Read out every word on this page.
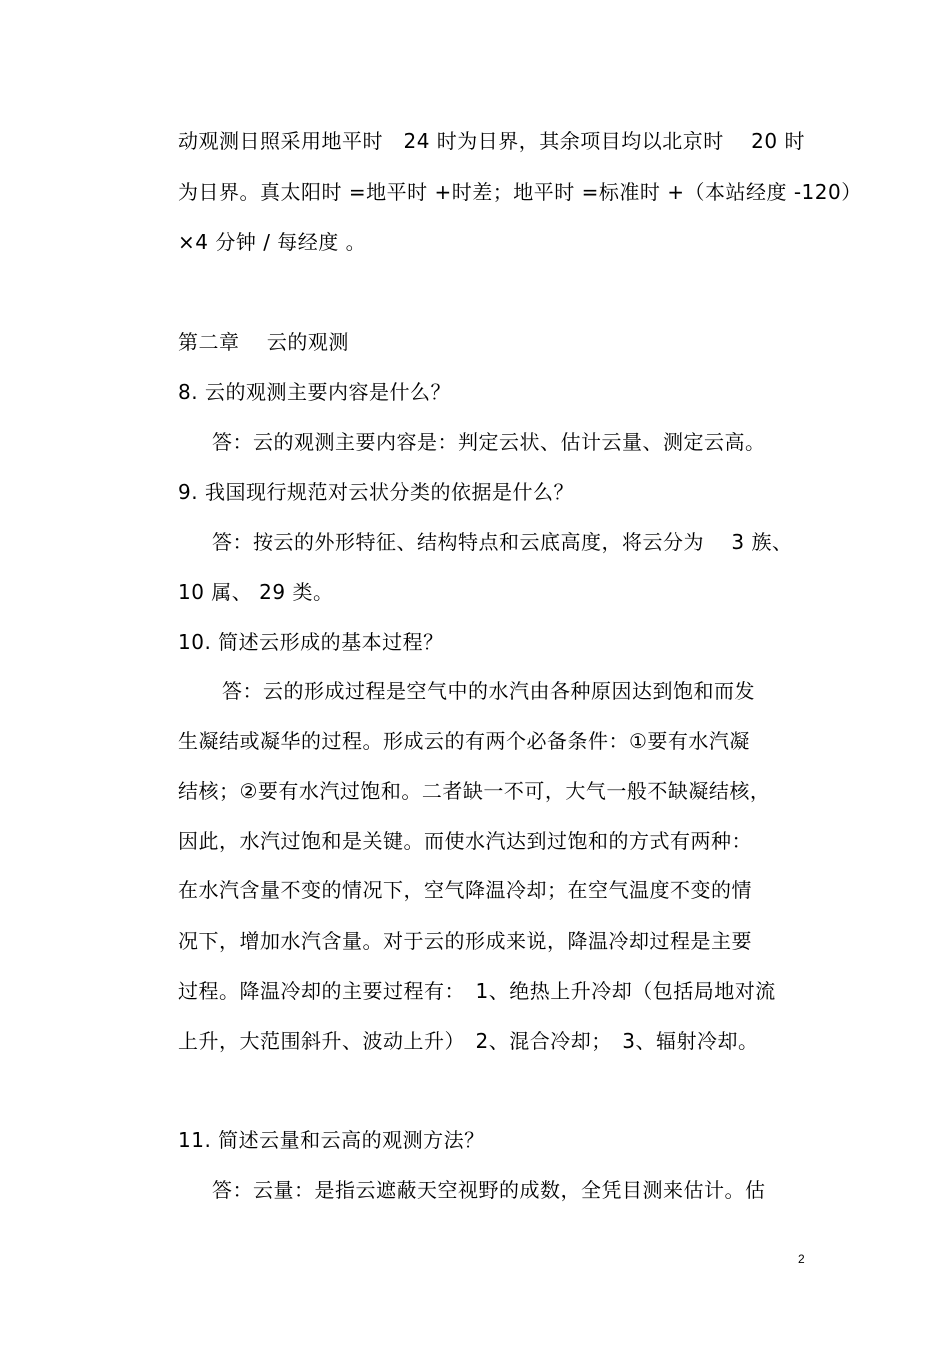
动观测日照采用地平时　24 时为日界，其余项目均以北京时　 20 时
为日界。真太阳时 =地平时 +时差；地平时 =标准时 +（本站经度 -120）
×4 分钟 / 每经度 。
第二章　 云的观测
8. 云的观测主要内容是什么？
答：云的观测主要内容是：判定云状、估计云量、测定云高。
9. 我国现行规范对云状分类的依据是什么？
答：按云的外形特征、结构特点和云底高度，将云分为　 3 族、
10 属、 29 类。
10. 简述云形成的基本过程？
答：云的形成过程是空气中的水汽由各种原因达到饱和而发
生凝结或凝华的过程。形成云的有两个必备条件：①要有水汽凝
结核；②要有水汽过饱和。二者缺一不可，大气一般不缺凝结核，
因此，水汽过饱和是关键。而使水汽达到过饱和的方式有两种：
在水汽含量不变的情况下，空气降温冷却；在空气温度不变的情
况下，增加水汽含量。对于云的形成来说，降温冷却过程是主要
过程。降温冷却的主要过程有：　1、绝热上升冷却（包括局地对流
上升，大范围斜升、波动上升）　2、混合冷却；　3、辐射冷却。
11. 简述云量和云高的观测方法？
答：云量：是指云遮蔽天空视野的成数，全凭目测来估计。估
2
